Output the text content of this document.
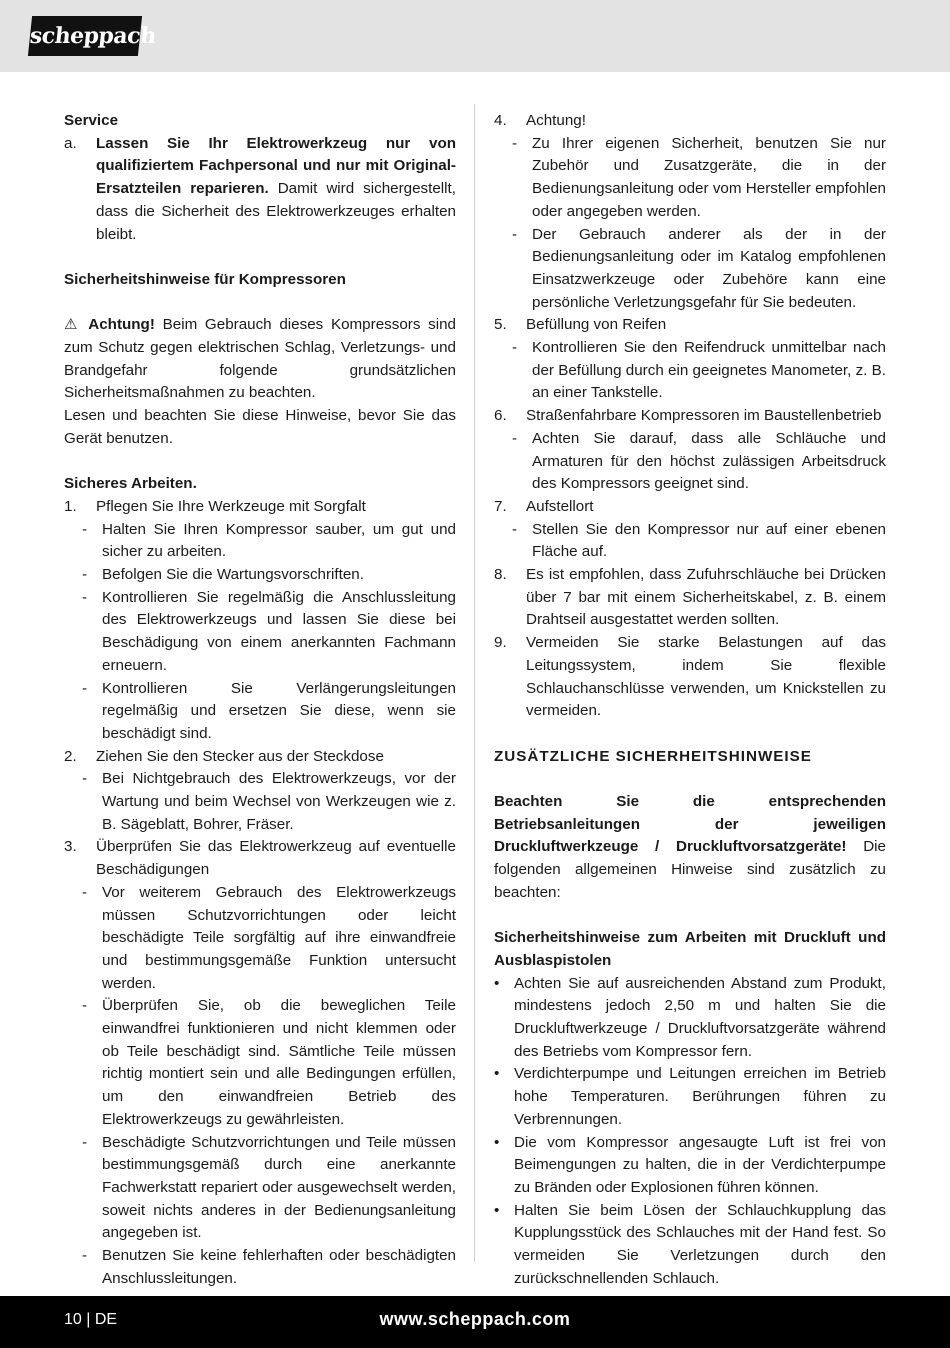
scheppach
Service
a.	Lassen Sie Ihr Elektrowerkzeug nur von qualifiziertem Fachpersonal und nur mit Original-Ersatzteilen reparieren. Damit wird sichergestellt, dass die Sicherheit des Elektrowerkzeuges erhalten bleibt.
Sicherheitshinweise für Kompressoren
⚠ Achtung! Beim Gebrauch dieses Kompressors sind zum Schutz gegen elektrischen Schlag, Verletzungs- und Brandgefahr folgende grundsätzlichen Sicherheitsmaßnahmen zu beachten.
Lesen und beachten Sie diese Hinweise, bevor Sie das Gerät benutzen.
Sicheres Arbeiten.
1.	Pflegen Sie Ihre Werkzeuge mit Sorgfalt
- Halten Sie Ihren Kompressor sauber, um gut und sicher zu arbeiten.
- Befolgen Sie die Wartungsvorschriften.
- Kontrollieren Sie regelmäßig die Anschlussleitung des Elektrowerkzeugs und lassen Sie diese bei Beschädigung von einem anerkannten Fachmann erneuern.
- Kontrollieren Sie Verlängerungsleitungen regelmäßig und ersetzen Sie diese, wenn sie beschädigt sind.
2.	Ziehen Sie den Stecker aus der Steckdose
- Bei Nichtgebrauch des Elektrowerkzeugs, vor der Wartung und beim Wechsel von Werkzeugen wie z. B. Sägeblatt, Bohrer, Fräser.
3.	Überprüfen Sie das Elektrowerkzeug auf eventuelle Beschädigungen
- Vor weiterem Gebrauch des Elektrowerkzeugs müssen Schutzvorrichtungen oder leicht beschädigte Teile sorgfältig auf ihre einwandfreie und bestimmungsgemäße Funktion untersucht werden.
- Überprüfen Sie, ob die beweglichen Teile einwandfrei funktionieren und nicht klemmen oder ob Teile beschädigt sind. Sämtliche Teile müssen richtig montiert sein und alle Bedingungen erfüllen, um den einwandfreien Betrieb des Elektrowerkzeugs zu gewährleisten.
- Beschädigte Schutzvorrichtungen und Teile müssen bestimmungsgemäß durch eine anerkannte Fachwerkstatt repariert oder ausgewechselt werden, soweit nichts anderes in der Bedienungsanleitung angegeben ist.
- Benutzen Sie keine fehlerhaften oder beschädigten Anschlussleitungen.
4.	Achtung!
- Zu Ihrer eigenen Sicherheit, benutzen Sie nur Zubehör und Zusatzgeräte, die in der Bedienungsanleitung oder vom Hersteller empfohlen oder angegeben werden.
- Der Gebrauch anderer als der in der Bedienungsanleitung oder im Katalog empfohlenen Einsatzwerkzeuge oder Zubehöre kann eine persönliche Verletzungsgefahr für Sie bedeuten.
5.	Befüllung von Reifen
- Kontrollieren Sie den Reifendruck unmittelbar nach der Befüllung durch ein geeignetes Manometer, z. B. an einer Tankstelle.
6.	Straßenfahrbare Kompressoren im Baustellenbetrieb
- Achten Sie darauf, dass alle Schläuche und Armaturen für den höchst zulässigen Arbeitsdruck des Kompressors geeignet sind.
7.	Aufstellort
- Stellen Sie den Kompressor nur auf einer ebenen Fläche auf.
8.	Es ist empfohlen, dass Zufuhrschläuche bei Drücken über 7 bar mit einem Sicherheitskabel, z. B. einem Drahtseil ausgestattet werden sollten.
9.	Vermeiden Sie starke Belastungen auf das Leitungssystem, indem Sie flexible Schlauchanschlüsse verwenden, um Knickstellen zu vermeiden.
ZUSÄTZLICHE SICHERHEITSHINWEISE
Beachten Sie die entsprechenden Betriebsanleitungen der jeweiligen Druckluftwerkzeuge / Druckluftvorsatzgeräte! Die folgenden allgemeinen Hinweise sind zusätzlich zu beachten:
Sicherheitshinweise zum Arbeiten mit Druckluft und Ausblaspistolen
• Achten Sie auf ausreichenden Abstand zum Produkt, mindestens jedoch 2,50 m und halten Sie die Druckluftwerkzeuge / Druckluftvorsatzgeräte während des Betriebs vom Kompressor fern.
• Verdichterpumpe und Leitungen erreichen im Betrieb hohe Temperaturen. Berührungen führen zu Verbrennungen.
• Die vom Kompressor angesaugte Luft ist frei von Beimengungen zu halten, die in der Verdichterpumpe zu Bränden oder Explosionen führen können.
• Halten Sie beim Lösen der Schlauchkupplung das Kupplungsstück des Schlauches mit der Hand fest. So vermeiden Sie Verletzungen durch den zurückschnellenden Schlauch.
10 | DE	www.scheppach.com
